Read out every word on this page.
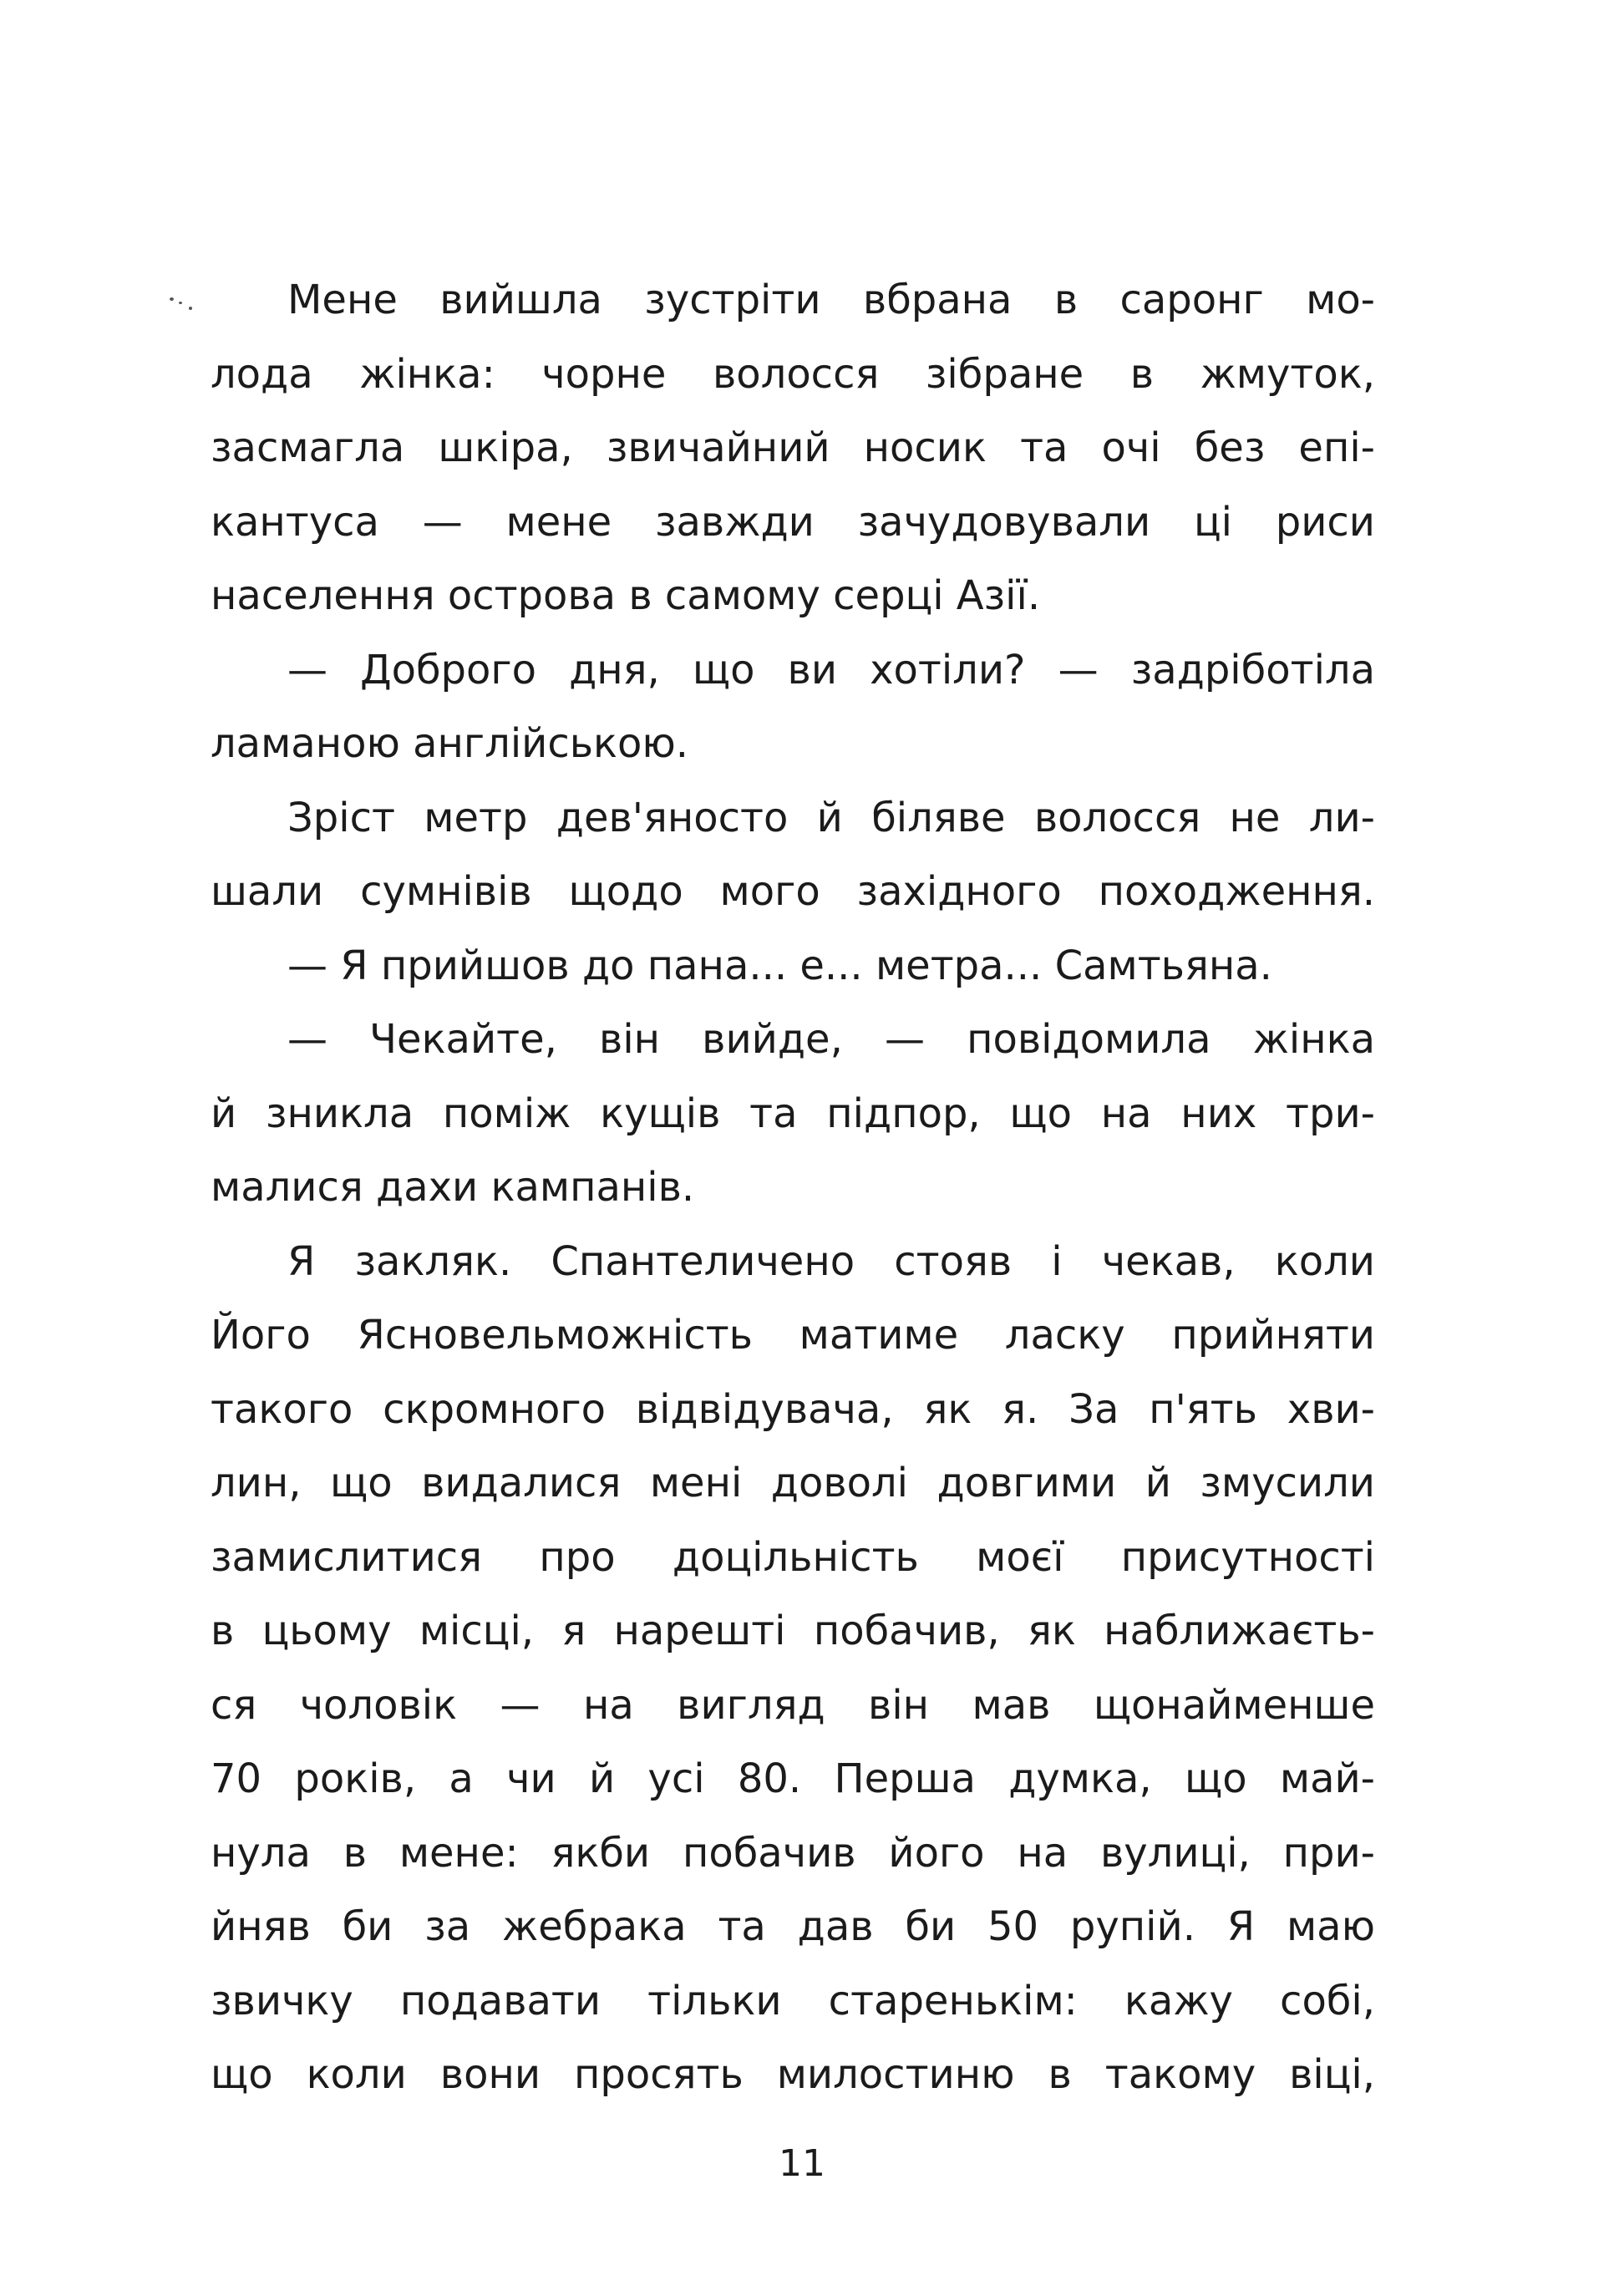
Мене вийшла зустріти вбрана в саронг мо-
лода жінка: чорне волосся зібране в жмуток,
засмагла шкіра, звичайний носик та очі без епі-
кантуса — мене завжди зачудовували ці риси
населення острова в самому серці Азії.
— Доброго дня, що ви хотіли? — задріботіла
ламаною англійською.
Зріст метр дев'яносто й біляве волосся не ли-
шали сумнівів щодо мого західного походження.
— Я прийшов до пана... е... метра... Самтьяна.
— Чекайте, він вийде, — повідомила жінка
й зникла поміж кущів та підпор, що на них три-
малися дахи кампанів.
Я закляк. Спантеличено стояв і чекав, коли
Його Ясновельможність матиме ласку прийняти
такого скромного відвідувача, як я. За п'ять хви-
лин, що видалися мені доволі довгими й змусили
замислитися про доцільність моєї присутності
в цьому місці, я нарешті побачив, як наближаєть-
ся чоловік — на вигляд він мав щонайменше
70 років, а чи й усі 80. Перша думка, що май-
нула в мене: якби побачив його на вулиці, при-
йняв би за жебрака та дав би 50 рупій. Я маю
звичку подавати тільки старенькім: кажу собі,
що коли вони просять милостиню в такому віці,
11
